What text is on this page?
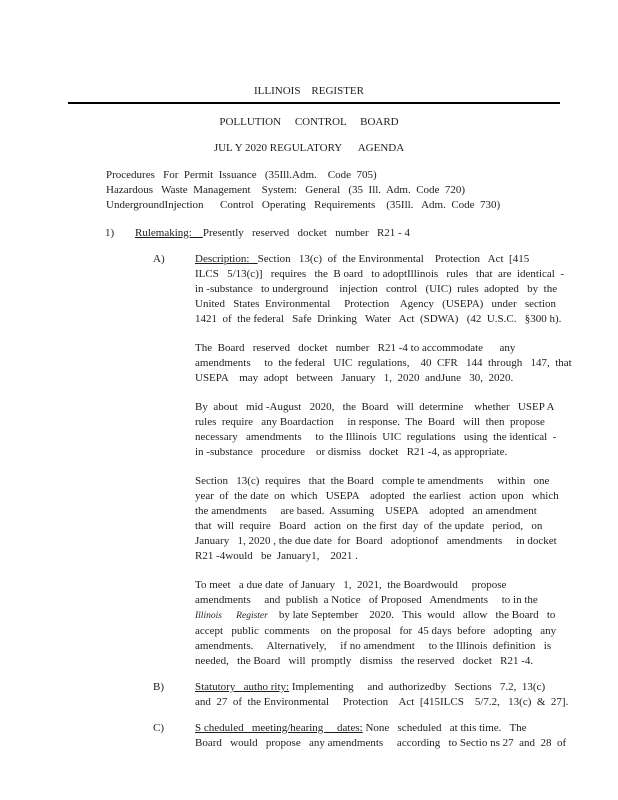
ILLINOIS    REGISTER
POLLUTION     CONTROL     BOARD
JUL Y 2020 REGULATORY      AGENDA
Procedures   For  Permit  Issuance   (35Ill.Adm.    Code  705)
Hazardous   Waste  Management    System:   General   (35  Ill.  Adm.  Code  720)
UndergroundInjection      Control   Operating   Requirements    (35Ill.   Adm.  Code  730)
1) Rulemaking:    Presently   reserved   docket   number   R21 - 4
A)	Description:   Section   13(c)  of  the Environmental    Protection   Act  [415
ILCS   5/13(c)]   requires   the  B oard   to adoptIllinois   rules   that  are  identical  -
in -substance   to underground    injection   control   (UIC)  rules  adopted   by  the
United   States  Environmental     Protection    Agency   (USEPA)   under   section
1421  of  the federal   Safe  Drinking   Water   Act  (SDWA)   (42  U.S.C.   §300 h).
The  Board   reserved   docket   number   R21 -4 to accommodate      any
amendments     to  the federal   UIC  regulations,    40  CFR   144  through   147,  that
USEPA    may  adopt   between   January   1,  2020  andJune   30,  2020.
By  about   mid -August   2020,   the  Board   will  determine    whether   USEP A
rules  require   any Boardaction     in response.  The  Board   will  then  propose
necessary   amendments     to  the Illinois  UIC  regulations   using  the identical  -
in -substance   procedure    or dismiss   docket   R21 -4, as appropriate.
Section   13(c)  requires   that  the Board   comple te amendments     within   one
year  of  the date  on  which   USEPA    adopted   the earliest   action  upon   which
the amendments     are based.  Assuming    USEPA    adopted   an amendment
that  will  require   Board   action  on  the first  day  of  the update   period,   on
January   1, 2020 , the due date  for  Board   adoptionof   amendments     in docket
R21 -4would   be  January1,    2021 .
To meet   a due date  of January   1,  2021,  the Boardwould     propose
amendments     and  publish  a Notice   of Proposed   Amendments     to in the
Illinois      Register    by late September    2020.   This  would   allow   the Board   to
accept   public  comments    on  the proposal   for  45 days  before   adopting   any
amendments.     Alternatively,     if no amendment     to the Illinois  definition   is
needed,   the Board   will  promptly   dismiss   the reserved   docket   R21 -4.
B)	Statutory   autho rity: Implementing     and  authorizedby   Sections   7.2,  13(c)
and  27  of  the Environmental     Protection    Act  [415ILCS    5/7.2,   13(c)  &  27].
C)	S cheduled   meeting/hearing     dates: None   scheduled   at this time.   The
Board   would   propose   any amendments     according   to Sectio ns 27  and  28  of
